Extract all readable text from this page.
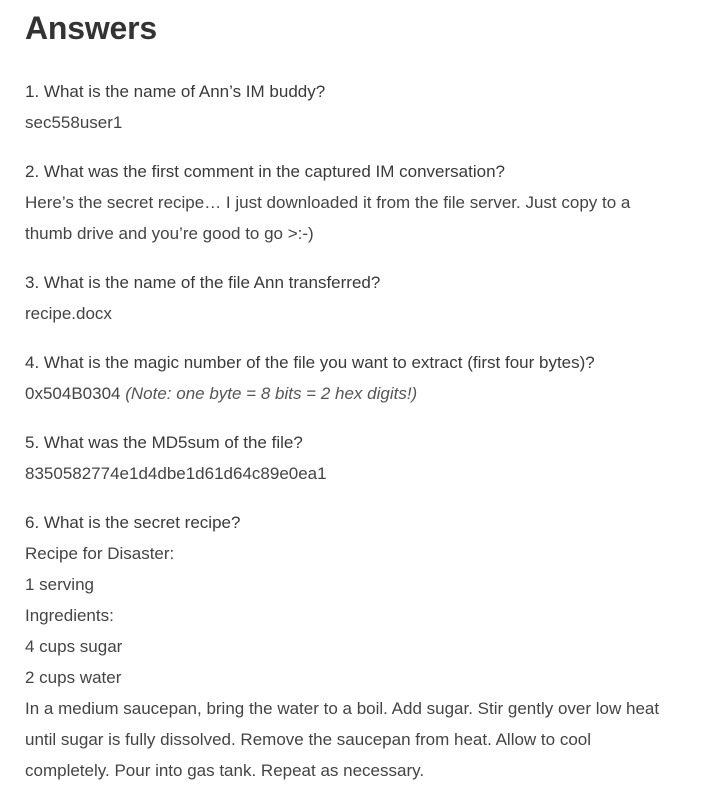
Answers

1. What is the name of Ann’s IM buddy?

sec558user1

2. What was the first comment in the captured IM conversation?

Here’s the secret recipe… I just downloaded it from the file server. Just copy to a

thumb drive and you’re good to go >:-)

3. What is the name of the file Ann transferred?

recipe.docx

4. What is the magic number of the file you want to extract (first four bytes)?

0x504B0304 (Note: one byte = 8 bits = 2 hex digits!)

5. What was the MD5sum of the file?

8350582774e1d4dbe1d61d64c89e0ea1

6. What is the secret recipe?

Recipe for Disaster:

1 serving

Ingredients:

4 cups sugar

2 cups water

In a medium saucepan, bring the water to a boil. Add sugar. Stir gently over low heat

until sugar is fully dissolved. Remove the saucepan from heat. Allow to cool

completely. Pour into gas tank. Repeat as necessary.
